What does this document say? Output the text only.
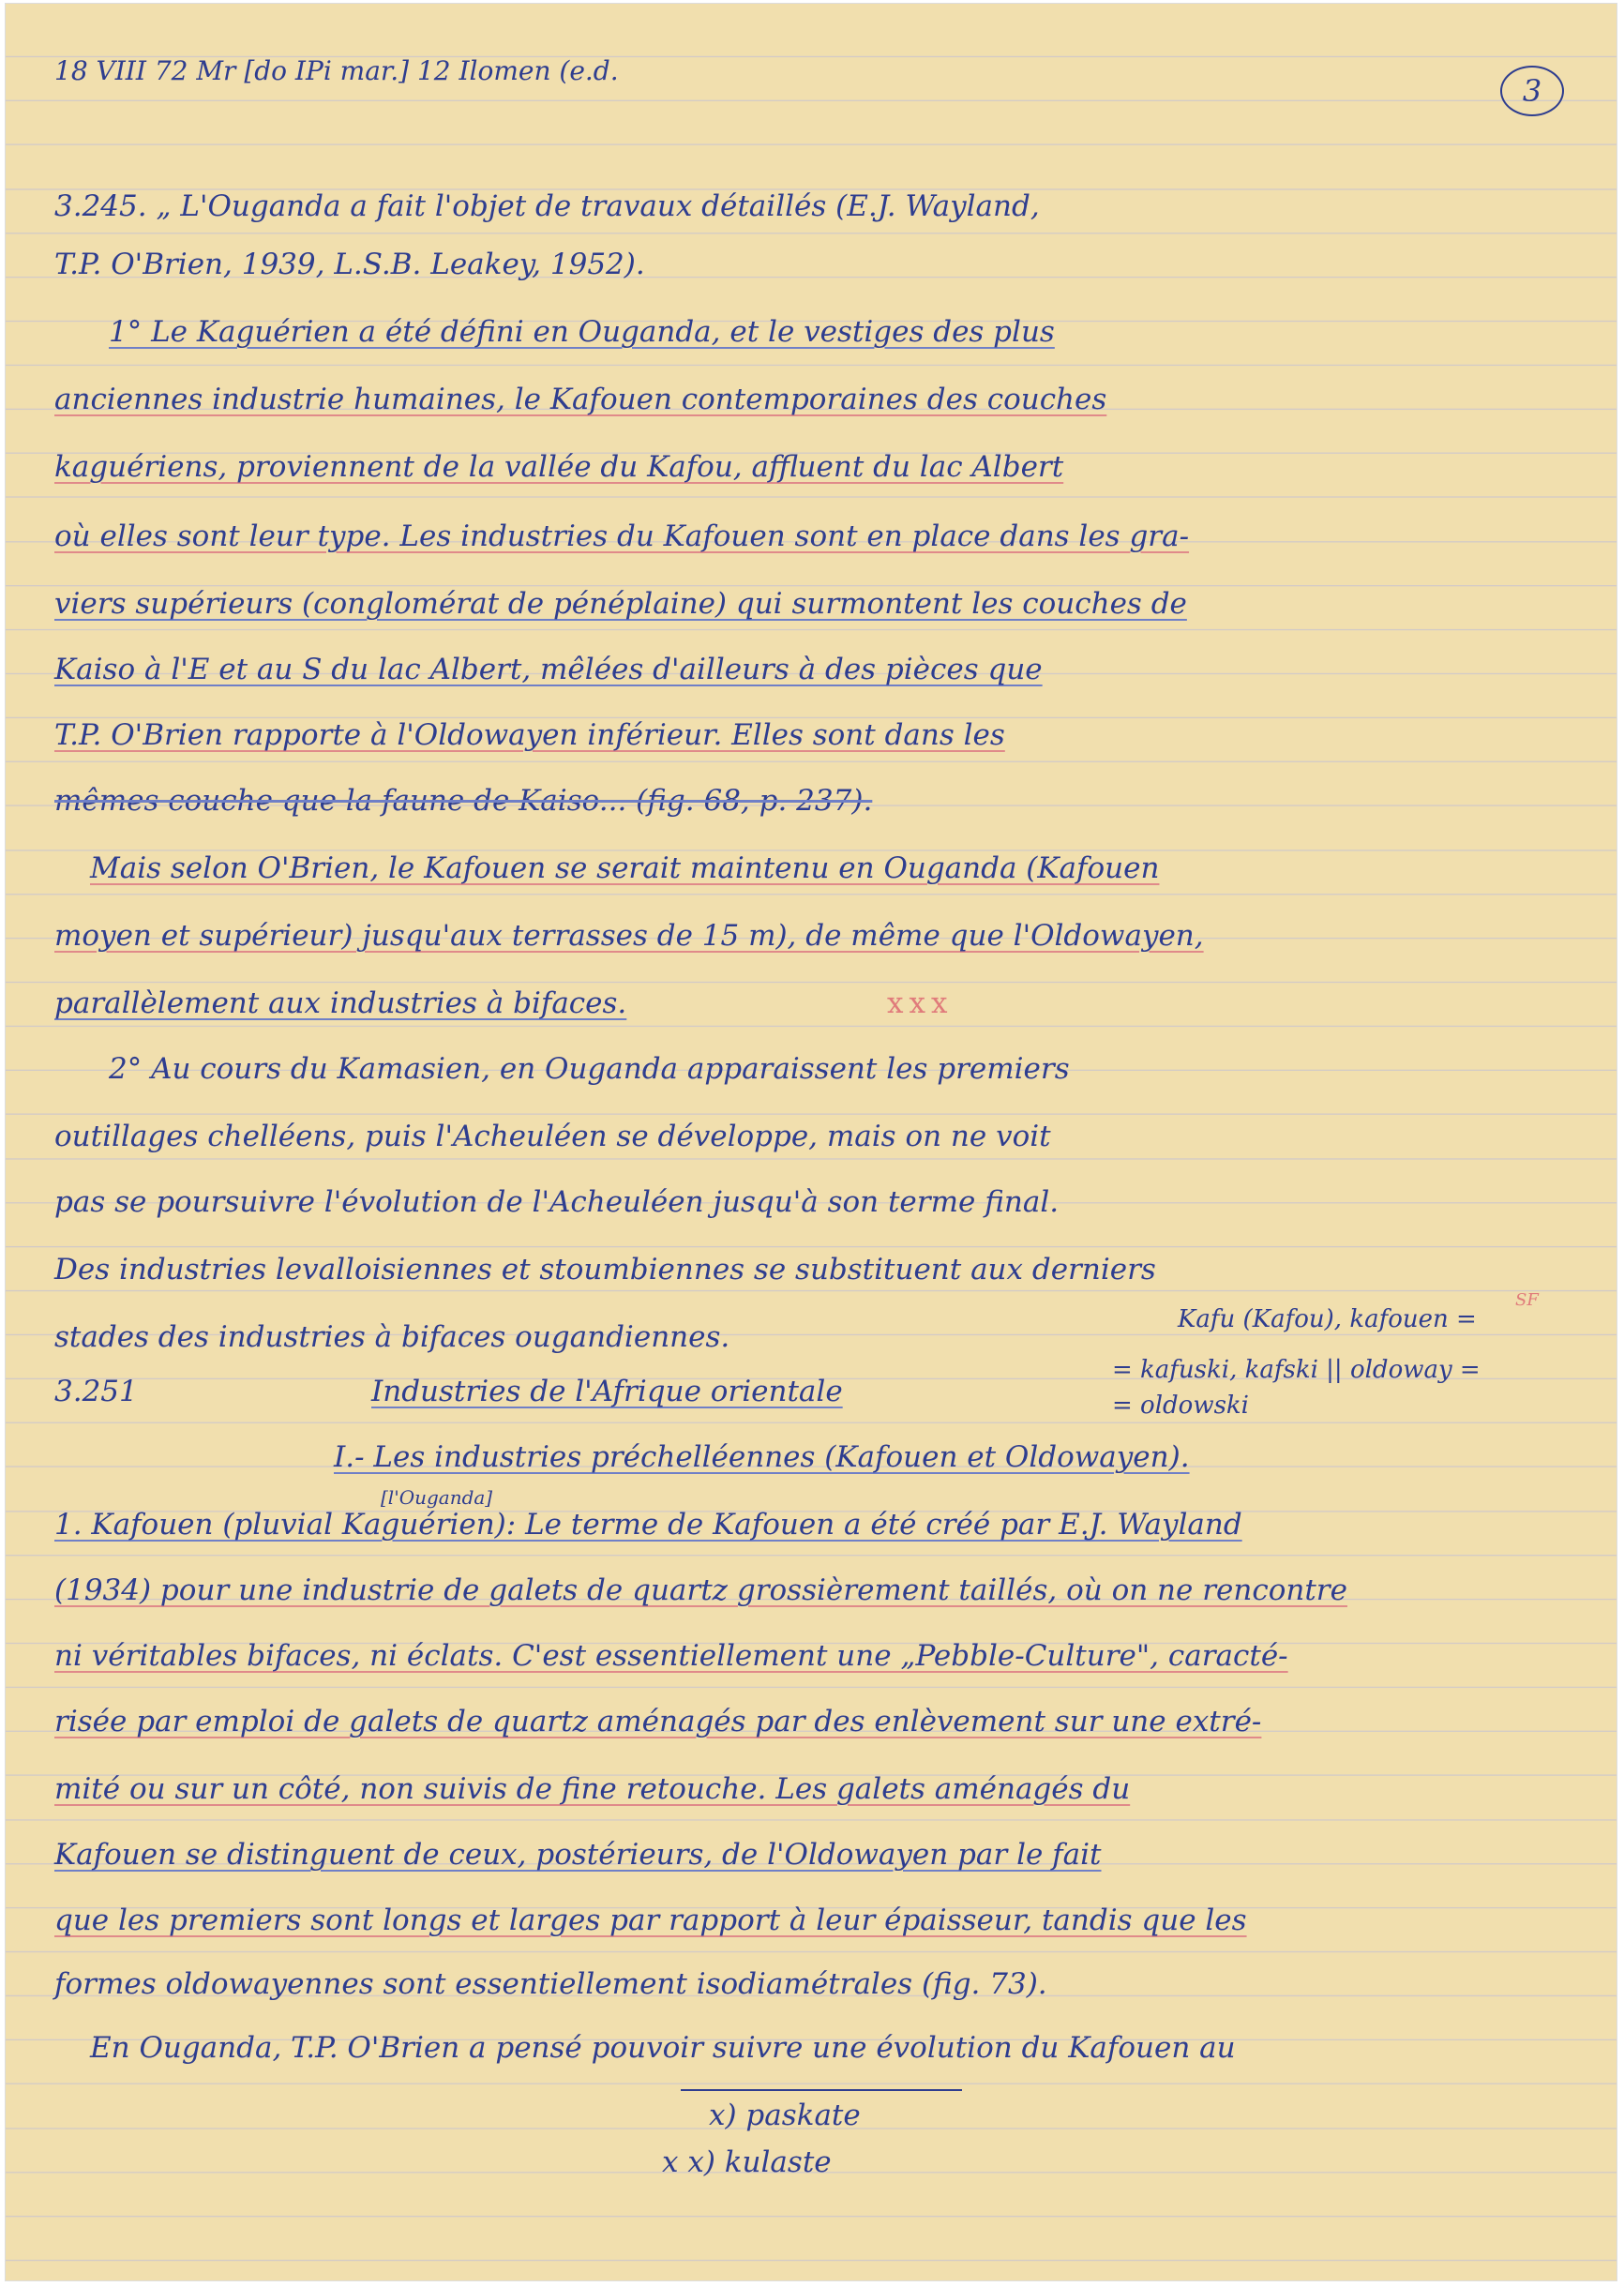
18 VIII 72 Mr [do IPi mar.] 12 Ilomen (e.d.
3
3.245. „ L'Ouganda a fait l'objet de travaux détaillés (E.J. Wayland,
T.P. O'Brien, 1939, L.S.B. Leakey, 1952).
1° Le Kaguérien a été défini en Ouganda, et le vestiges des plus
anciennes industrie humaines, le Kafouen contemporaines des couches
kaguériens, proviennent de la vallée du Kafou, affluent du lac Albert
où elles sont leur type. Les industries du Kafouen sont en place dans les gra-
viers supérieurs (conglomérat de pénéplaine) qui surmontent les couches de
Kaiso à l'E et au S du lac Albert, mêlées d'ailleurs à des pièces que
T.P. O'Brien rapporte à l'Oldowayen inférieur. Elles sont dans les
mêmes couche que la faune de Kaiso... (fig. 68, p. 237).
Mais selon O'Brien, le Kafouen se serait maintenu en Ouganda (Kafouen
moyen et supérieur) jusqu'aux terrasses de 15 m), de même que l'Oldowayen,
parallèlement aux industries à bifaces.	xxx
2° Au cours du Kamasien, en Ouganda apparaissent les premiers
outillages chelléens, puis l'Acheuléen se développe, mais on ne voit
pas se poursuivre l'évolution de l'Acheuléen jusqu'à son terme final.
Des industries levalloisiennes et stoumbiennes se substituent aux derniers
stades des industries à bifaces ougandiennes.
Kafu (Kafou), kafouen =
SF
= kafuski, kafski || oldoway =
= oldowski
3.251	Industries de l'Afrique orientale
I.- Les industries préchelléennes (Kafouen et Oldowayen).
[l'Ouganda]
1. Kafouen (pluvial Kaguérien): Le terme de Kafouen a été créé par E.J. Wayland
(1934) pour une industrie de galets de quartz grossièrement taillés, où on ne rencontre
ni véritables bifaces, ni éclats. C'est essentiellement une „Pebble-Culture", caracté-
risée par emploi de galets de quartz aménagés par des enlèvement sur une extré-
mité ou sur un côté, non suivis de fine retouche. Les galets aménagés du
Kafouen se distinguent de ceux, postérieurs, de l'Oldowayen par le fait
que les premiers sont longs et larges par rapport à leur épaisseur, tandis que les
formes oldowayennes sont essentiellement isodiamétrales (fig. 73).
En Ouganda, T.P. O'Brien a pensé pouvoir suivre une évolution du Kafouen au
x) paskate
x x) kulaste
